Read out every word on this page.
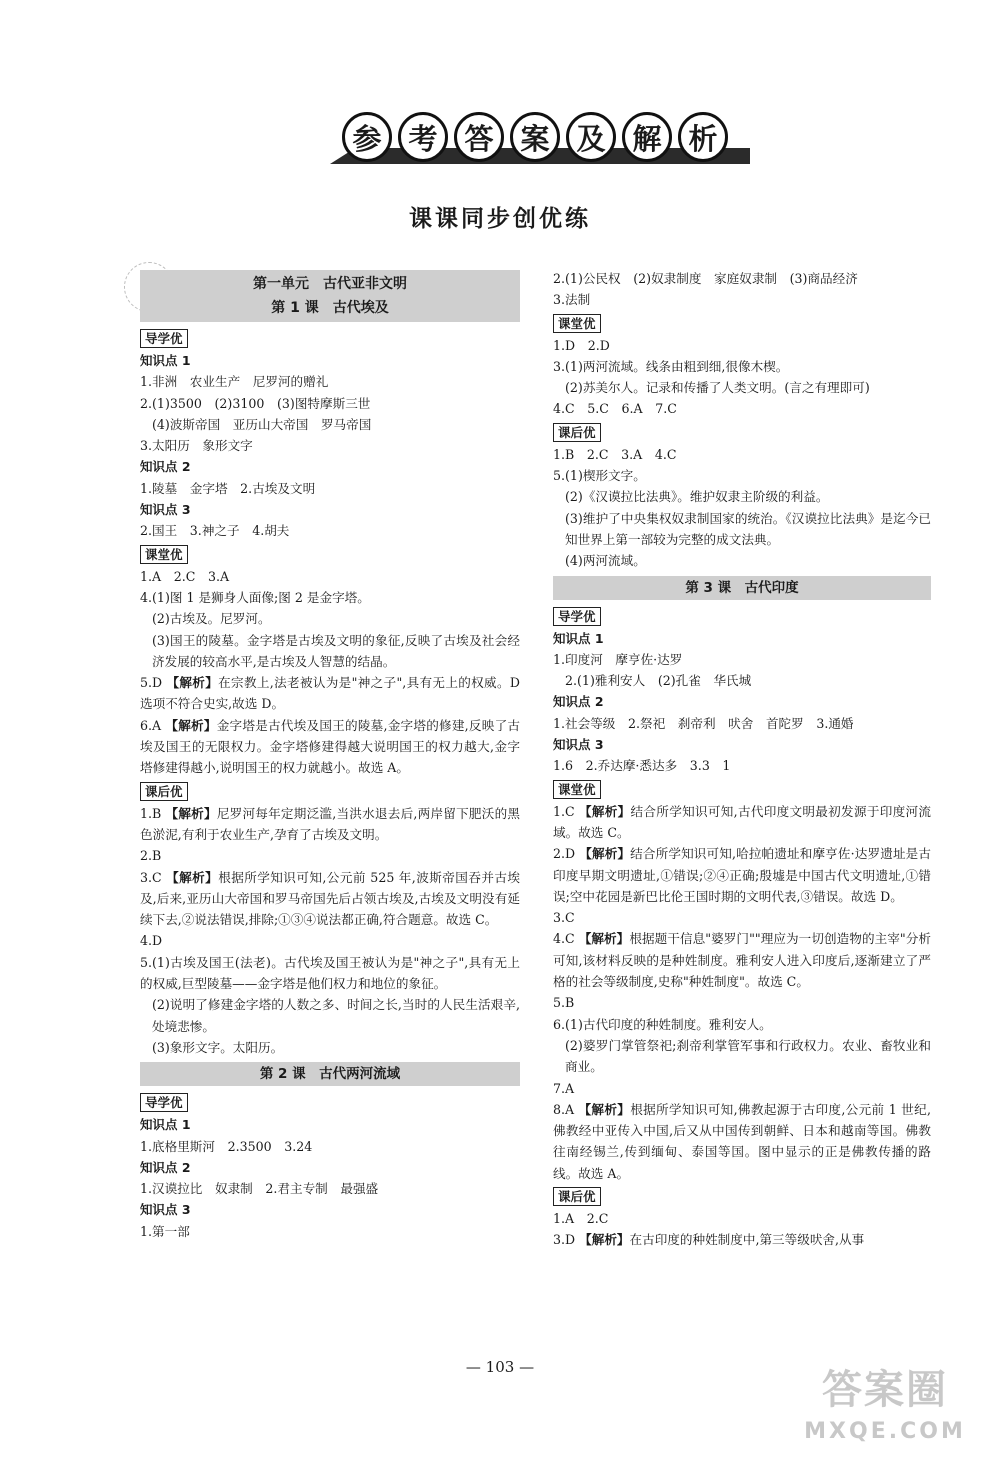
参 考 答 案 及 解 析
课课同步创优练
第一单元　古代亚非文明
第 1 课　古代埃及
导学优
知识点 1
1.非洲　农业生产　尼罗河的赠礼
2.(1)3500　(2)3100　(3)图特摩斯三世
(4)波斯帝国　亚历山大帝国　罗马帝国
3.太阳历　象形文字
知识点 2
1.陵墓　金字塔　2.古埃及文明
知识点 3
2.国王　3.神之子　4.胡夫
课堂优
1.A　2.C　3.A
4.(1)图 1 是狮身人面像;图 2 是金字塔。
(2)古埃及。尼罗河。
(3)国王的陵墓。金字塔是古埃及文明的象征,反映了古埃及社会经济发展的较高水平,是古埃及人智慧的结晶。
5.D 【解析】在宗教上,法老被认为是"神之子",具有无上的权威。D 选项不符合史实,故选 D。
6.A 【解析】金字塔是古代埃及国王的陵墓,金字塔的修建,反映了古埃及国王的无限权力。金字塔修建得越大说明国王的权力越大,金字塔修建得越小,说明国王的权力就越小。故选 A。
课后优
1.B 【解析】尼罗河每年定期泛滥,当洪水退去后,两岸留下肥沃的黑色淤泥,有利于农业生产,孕育了古埃及文明。
2.B
3.C 【解析】根据所学知识可知,公元前 525 年,波斯帝国吞并古埃及,后来,亚历山大帝国和罗马帝国先后占领古埃及,古埃及文明没有延续下去,②说法错误,排除;①③④说法都正确,符合题意。故选 C。
4.D
5.(1)古埃及国王(法老)。古代埃及国王被认为是"神之子",具有无上的权威,巨型陵墓——金字塔是他们权力和地位的象征。
(2)说明了修建金字塔的人数之多、时间之长,当时的人民生活艰辛,处境悲惨。
(3)象形文字。太阳历。
第 2 课　古代两河流域
导学优
知识点 1
1.底格里斯河　2.3500　3.24
知识点 2
1.汉谟拉比　奴隶制　2.君主专制　最强盛
知识点 3
1.第一部
2.(1)公民权　(2)奴隶制度　家庭奴隶制　(3)商品经济
3.法制
课堂优
1.D　2.D
3.(1)两河流域。线条由粗到细,很像木楔。
(2)苏美尔人。记录和传播了人类文明。(言之有理即可)
4.C　5.C　6.A　7.C
课后优
1.B　2.C　3.A　4.C
5.(1)楔形文字。
(2)《汉谟拉比法典》。维护奴隶主阶级的利益。
(3)维护了中央集权奴隶制国家的统治。《汉谟拉比法典》是迄今已知世界上第一部较为完整的成文法典。
(4)两河流域。
第 3 课　古代印度
导学优
知识点 1
1.印度河　摩亨佐·达罗
2.(1)雅利安人　(2)孔雀　华氏城
知识点 2
1.社会等级　2.祭祀　刹帝利　吠舍　首陀罗　3.通婚
知识点 3
1.6　2.乔达摩·悉达多　3.3　1
课堂优
1.C 【解析】结合所学知识可知,古代印度文明最初发源于印度河流域。故选 C。
2.D 【解析】结合所学知识可知,哈拉帕遗址和摩亨佐·达罗遗址是古印度早期文明遗址,①错误;②④正确;殷墟是中国古代文明遗址,①错误;空中花园是新巴比伦王国时期的文明代表,③错误。故选 D。
3.C
4.C 【解析】根据题干信息"婆罗门""理应为一切创造物的主宰"分析可知,该材料反映的是种姓制度。雅利安人进入印度后,逐渐建立了严格的社会等级制度,史称"种姓制度"。故选 C。
5.B
6.(1)古代印度的种姓制度。雅利安人。
(2)婆罗门掌管祭祀;刹帝利掌管军事和行政权力。农业、畜牧业和商业。
7.A
8.A 【解析】根据所学知识可知,佛教起源于古印度,公元前 1 世纪,佛教经中亚传入中国,后又从中国传到朝鲜、日本和越南等国。佛教往南经锡兰,传到缅甸、泰国等国。图中显示的正是佛教传播的路线。故选 A。
课后优
1.A　2.C
3.D 【解析】在古印度的种姓制度中,第三等级吠舍,从事
— 103 —	答案圈
MXQE.COM
